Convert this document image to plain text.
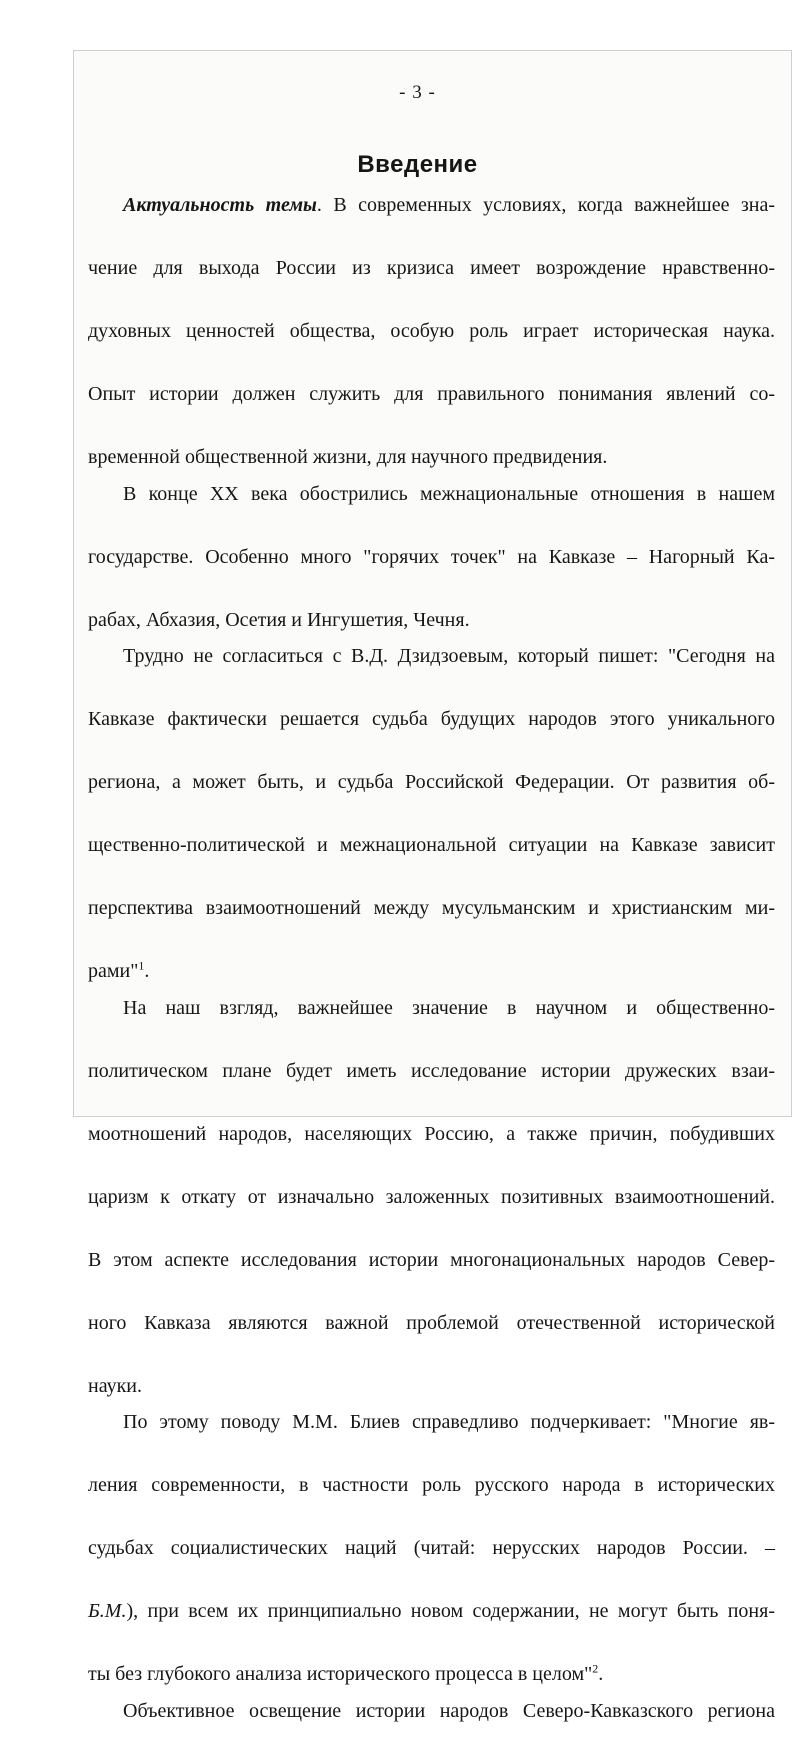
- 3 -
Введение
Актуальность темы. В современных условиях, когда важнейшее зна-
чение для выхода России из кризиса имеет возрождение нравственно-
духовных ценностей общества, особую роль играет историческая наука.
Опыт истории должен служить для правильного понимания явлений со-
временной общественной жизни, для научного предвидения.
В конце XX века обострились межнациональные отношения в нашем
государстве. Особенно много "горячих точек" на Кавказе – Нагорный Ка-
рабах, Абхазия, Осетия и Ингушетия, Чечня.
Трудно не согласиться с В.Д. Дзидзоевым, который пишет: "Сегодня на
Кавказе фактически решается судьба будущих народов этого уникального
региона, а может быть, и судьба Российской Федерации. От развития об-
щественно-политической и межнациональной ситуации на Кавказе зависит
перспектива взаимоотношений между мусульманским и христианским ми-
рами"$^1$.
На наш взгляд, важнейшее значение в научном и общественно-
политическом плане будет иметь исследование истории дружеских взаи-
моотношений народов, населяющих Россию, а также причин, побудивших
царизм к откату от изначально заложенных позитивных взаимоотношений.
В этом аспекте исследования истории многонациональных народов Север-
ного Кавказа являются важной проблемой отечественной исторической
науки.
По этому поводу М.М. Блиев справедливо подчеркивает: "Многие яв-
ления современности, в частности роль русского народа в исторических
судьбах социалистических наций (читай: нерусских народов России. –
Б.М.), при всем их принципиально новом содержании, не могут быть поня-
ты без глубокого анализа исторического процесса в целом"$^2$.
Объективное освещение истории народов Северо-Кавказского региона
